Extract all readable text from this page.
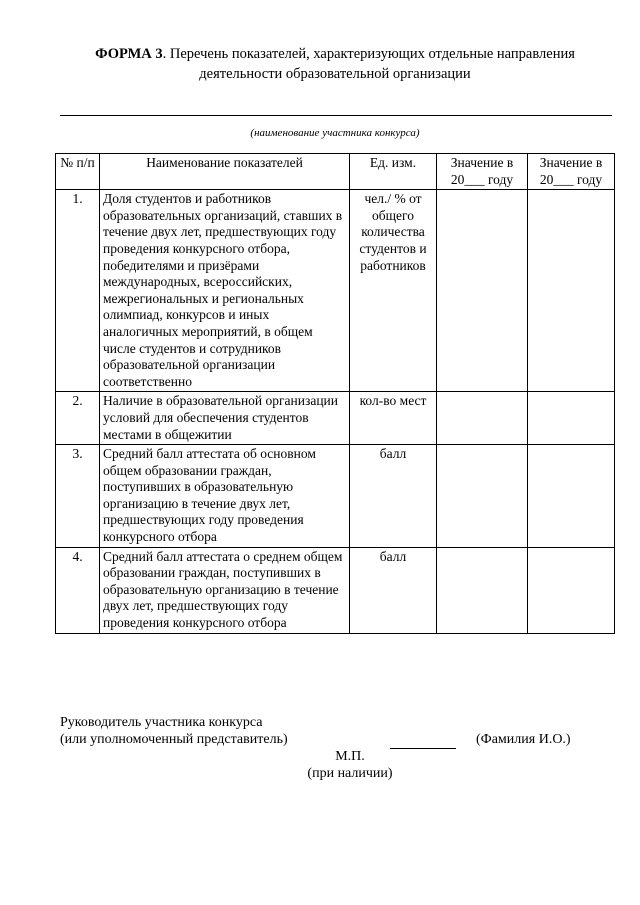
ФОРМА 3. Перечень показателей, характеризующих отдельные направления деятельности образовательной организации
(наименование участника конкурса)
№ п/п	Наименование показателей	Ед. изм.	Значение в 20___ году	Значение в 20___ году
1.	Доля студентов и работников образовательных организаций, ставших в течение двух лет, предшествующих году проведения конкурсного отбора, победителями и призёрами международных, всероссийских, межрегиональных и региональных олимпиад, конкурсов и иных аналогичных мероприятий, в общем числе студентов и сотрудников образовательной организации соответственно	чел./ % от общего количества студентов и работников		
2.	Наличие в образовательной организации условий для обеспечения студентов местами в общежитии	кол-во мест		
3.	Средний балл аттестата об основном общем образовании граждан, поступивших в образовательную организацию в течение двух лет, предшествующих году проведения конкурсного отбора	балл		
4.	Средний балл аттестата о среднем общем образовании граждан, поступивших в образовательную организацию в течение двух лет, предшествующих году проведения конкурсного отбора	балл		
Руководитель участника конкурса
(или уполномоченный представитель)	(Фамилия И.О.)
М.П.
(при наличии)
